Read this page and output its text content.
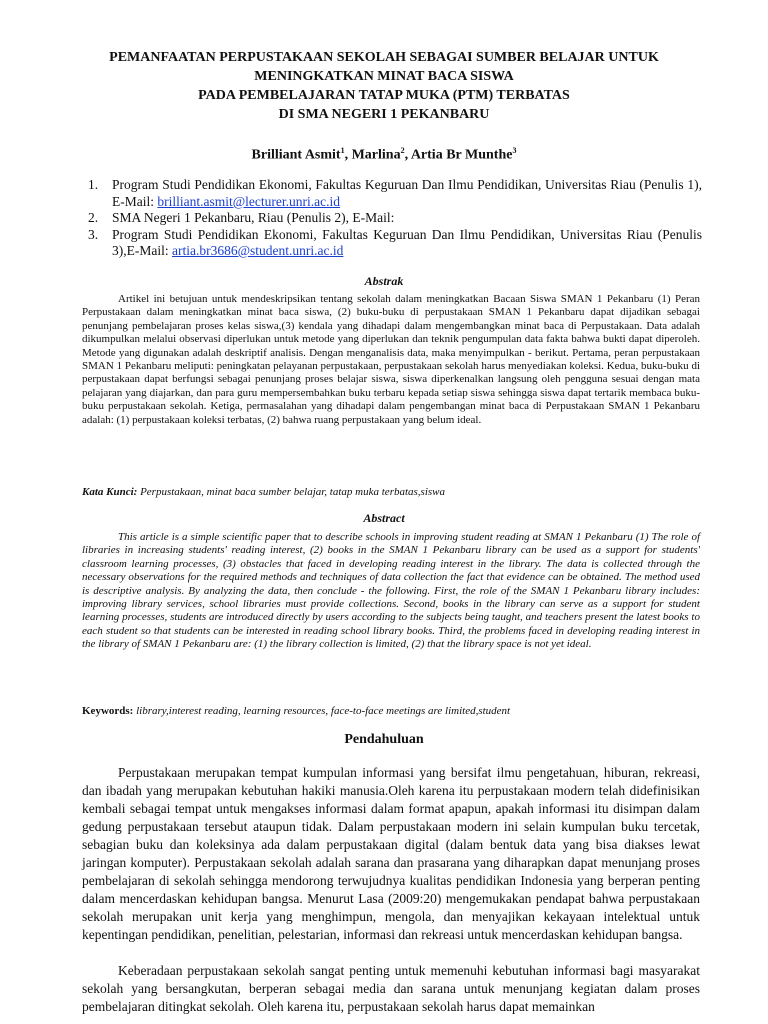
PEMANFAATAN PERPUSTAKAAN SEKOLAH SEBAGAI SUMBER BELAJAR UNTUK
MENINGKATKAN MINAT BACA SISWA
PADA PEMBELAJARAN TATAP MUKA (PTM) TERBATAS
DI SMA NEGERI 1 PEKANBARU

Brilliant Asmit$^1$, Marlina$^2$, Artia Br Munthe$^3$

1. Program Studi Pendidikan Ekonomi, Fakultas Keguruan Dan Ilmu Pendidikan, Universitas Riau (Penulis 1), E-Mail: brilliant.asmit@lecturer.unri.ac.id
2. SMA Negeri 1 Pekanbaru, Riau (Penulis 2), E-Mail:
3. Program Studi Pendidikan Ekonomi, Fakultas Keguruan Dan Ilmu Pendidikan, Universitas Riau (Penulis 3),E-Mail: artia.br3686@student.unri.ac.id
Abstrak

Artikel ini betujuan untuk mendeskripsikan tentang sekolah dalam meningkatkan Bacaan Siswa SMAN 1 Pekanbaru (1) Peran Perpustakaan dalam meningkatkan minat baca siswa, (2) buku-buku di perpustakaan SMAN 1 Pekanbaru dapat dijadikan sebagai penunjang pembelajaran proses kelas siswa,(3) kendala yang dihadapi dalam mengembangkan minat baca di Perpustakaan. Data adalah dikumpulkan melalui observasi diperlukan untuk metode yang diperlukan dan teknik pengumpulan data fakta bahwa bukti dapat diperoleh. Metode yang digunakan adalah deskriptif analisis. Dengan menganalisis data, maka menyimpulkan - berikut. Pertama, peran perpustakaan SMAN 1 Pekanbaru meliputi: peningkatan pelayanan perpustakaan, perpustakaan sekolah harus menyediakan koleksi. Kedua, buku-buku di perpustakaan dapat berfungsi sebagai penunjang proses belajar siswa, siswa diperkenalkan langsung oleh pengguna sesuai dengan mata pelajaran yang diajarkan, dan para guru mempersembahkan buku terbaru kepada setiap siswa sehingga siswa dapat tertarik membaca buku-buku perpustakaan sekolah. Ketiga, permasalahan yang dihadapi dalam pengembangan minat baca di Perpustakaan SMAN 1 Pekanbaru adalah: (1) perpustakaan koleksi terbatas, (2) bahwa ruang perpustakaan yang belum ideal.

Kata Kunci: Perpustakaan, minat baca sumber belajar, tatap muka terbatas,siswa

Abstract

This article is a simple scientific paper that to describe schools in improving student reading at SMAN 1 Pekanbaru (1) The role of libraries in increasing students' reading interest, (2) books in the SMAN 1 Pekanbaru library can be used as a support for students' classroom learning processes, (3) obstacles that faced in developing reading interest in the library. The data is collected through the necessary observations for the required methods and techniques of data collection the fact that evidence can be obtained. The method used is descriptive analysis. By analyzing the data, then conclude - the following. First, the role of the SMAN 1 Pekanbaru library includes: improving library services, school libraries must provide collections. Second, books in the library can serve as a support for student learning processes, students are introduced directly by users according to the subjects being taught, and teachers present the latest books to each student so that students can be interested in reading school library books. Third, the problems faced in developing reading interest in the library of SMAN 1 Pekanbaru are: (1) the library collection is limited, (2) that the library space is not yet ideal.

Keywords: library,interest reading, learning resources, face-to-face meetings are limited,student

Pendahuluan

Perpustakaan merupakan tempat kumpulan informasi yang bersifat ilmu pengetahuan, hiburan, rekreasi, dan ibadah yang merupakan kebutuhan hakiki manusia.Oleh karena itu perpustakaan modern telah didefinisikan kembali sebagai tempat untuk mengakses informasi dalam format apapun, apakah informasi itu disimpan dalam gedung perpustakaan tersebut ataupun tidak. Dalam perpustakaan modern ini selain kumpulan buku tercetak, sebagian buku dan koleksinya ada dalam perpustakaan digital (dalam bentuk data yang bisa diakses lewat jaringan komputer). Perpustakaan sekolah adalah sarana dan prasarana yang diharapkan dapat menunjang proses pembelajaran di sekolah sehingga mendorong terwujudnya kualitas pendidikan Indonesia yang berperan penting dalam mencerdaskan kehidupan bangsa. Menurut Lasa (2009:20) mengemukakan pendapat bahwa perpustakaan sekolah merupakan unit kerja yang menghimpun, mengola, dan menyajikan kekayaan intelektual untuk kepentingan pendidikan, penelitian, pelestarian, informasi dan rekreasi untuk mencerdaskan kehidupan bangsa.

Keberadaan perpustakaan sekolah sangat penting untuk memenuhi kebutuhan informasi bagi masyarakat sekolah yang bersangkutan, berperan sebagai media dan sarana untuk menunjang kegiatan dalam proses pembelajaran ditingkat sekolah. Oleh karena itu, perpustakaan sekolah harus dapat memainkan
